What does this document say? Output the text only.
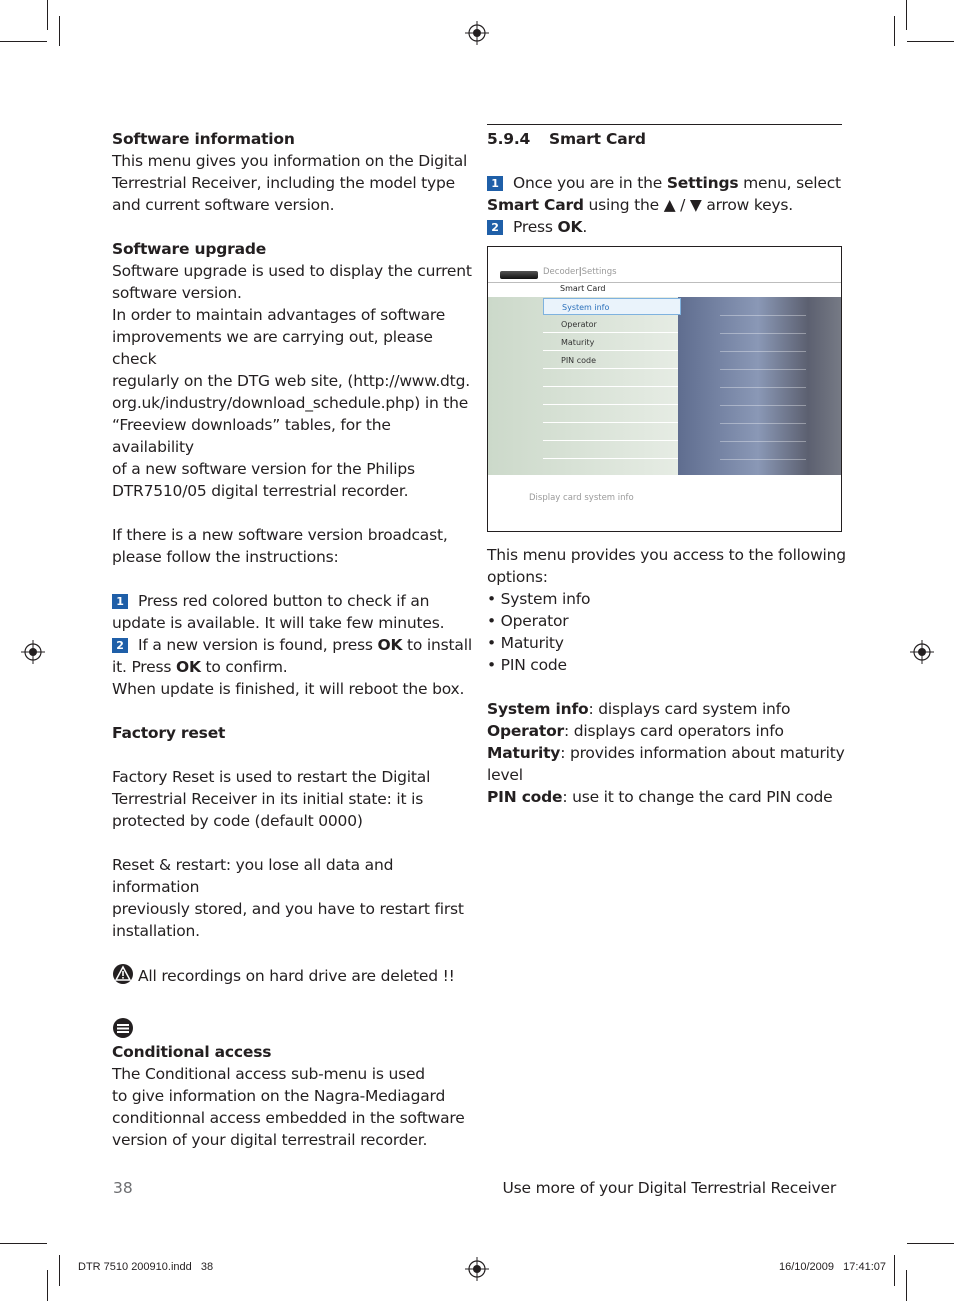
Software information

This menu gives you information on the Digital

Terrestrial Receiver, including the model type

and current software version.

Software upgrade

Software upgrade is used to display the current

software version.

In order to maintain advantages of software

improvements we are carrying out, please check

regularly on the DTG web site, (http://www.dtg.

org.uk/industry/download_schedule.php) in the

“Freeview downloads” tables, for the availability

of a new software version for the Philips

DTR7510/05 digital terrestrial recorder.

If there is a new software version broadcast,

please follow the instructions:

1 Press red colored button to check if an

update is available. It will take few minutes.

2 If a new version is found, press OK to install

it. Press OK to confirm.

When update is finished, it will reboot the box.

Factory reset

Factory Reset is used to restart the Digital

Terrestrial Receiver in its initial state: it is

protected by code (default 0000)

Reset & restart: you lose all data and information

previously stored, and you have to restart first

installation.

All recordings on hard drive are deleted !!

Conditional access

The Conditional access sub-menu is used

to give information on the Nagra-Mediagard

conditionnal access embedded in the software

version of your digital terrestrail recorder.

5.9.4 Smart Card

1 Once you are in the Settings menu, select

Smart Card using the ▲ / ▼ arrow keys.

2 Press OK.

Decoder|Settings
Smart Card
System info
Operator
Maturity
PIN code
Display card system info

This menu provides you access to the following

options:

• System info

• Operator

• Maturity

• PIN code

System info: displays card system info

Operator: displays card operators info

Maturity: provides information about maturity

level

PIN code: use it to change the card PIN code

38	Use more of your Digital Terrestrial Receiver
DTR 7510 200910.indd   38	16/10/2009   17:41:07
